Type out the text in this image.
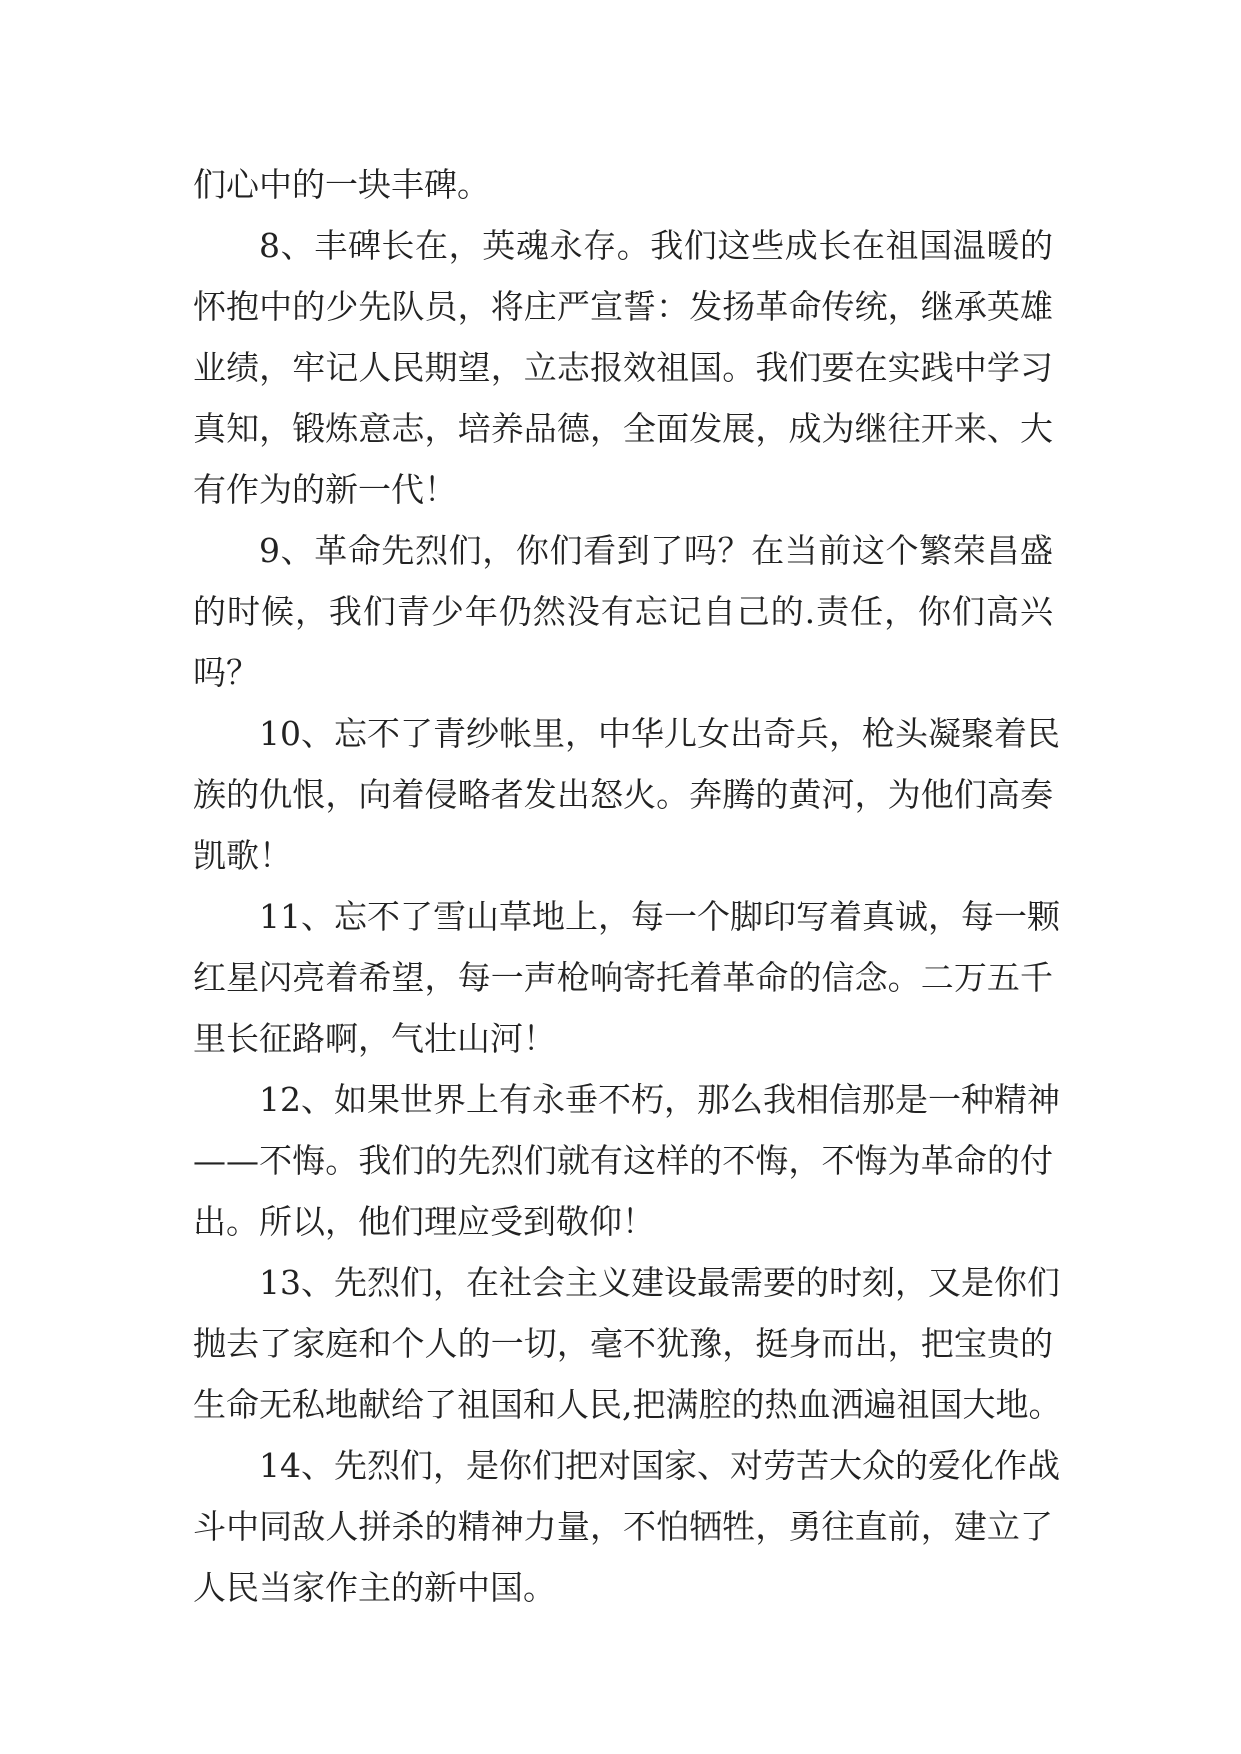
们心中的一块丰碑。
8、丰碑长在，英魂永存。我们这些成长在祖国温暖的
怀抱中的少先队员，将庄严宣誓：发扬革命传统，继承英雄
业绩，牢记人民期望，立志报效祖国。我们要在实践中学习
真知，锻炼意志，培养品德，全面发展，成为继往开来、大
有作为的新一代！
9、革命先烈们，你们看到了吗？在当前这个繁荣昌盛
的时候，我们青少年仍然没有忘记自己的.责任，你们高兴
吗？
10、忘不了青纱帐里，中华儿女出奇兵，枪头凝聚着民
族的仇恨，向着侵略者发出怒火。奔腾的黄河，为他们高奏
凯歌！
11、忘不了雪山草地上，每一个脚印写着真诚，每一颗
红星闪亮着希望，每一声枪响寄托着革命的信念。二万五千
里长征路啊，气壮山河！
12、如果世界上有永垂不朽，那么我相信那是一种精神
——不悔。我们的先烈们就有这样的不悔，不悔为革命的付
出。所以，他们理应受到敬仰！
13、先烈们，在社会主义建设最需要的时刻，又是你们
抛去了家庭和个人的一切，毫不犹豫，挺身而出，把宝贵的
生命无私地献给了祖国和人民,把满腔的热血洒遍祖国大地。
14、先烈们，是你们把对国家、对劳苦大众的爱化作战
斗中同敌人拼杀的精神力量，不怕牺牲，勇往直前，建立了
人民当家作主的新中国。
